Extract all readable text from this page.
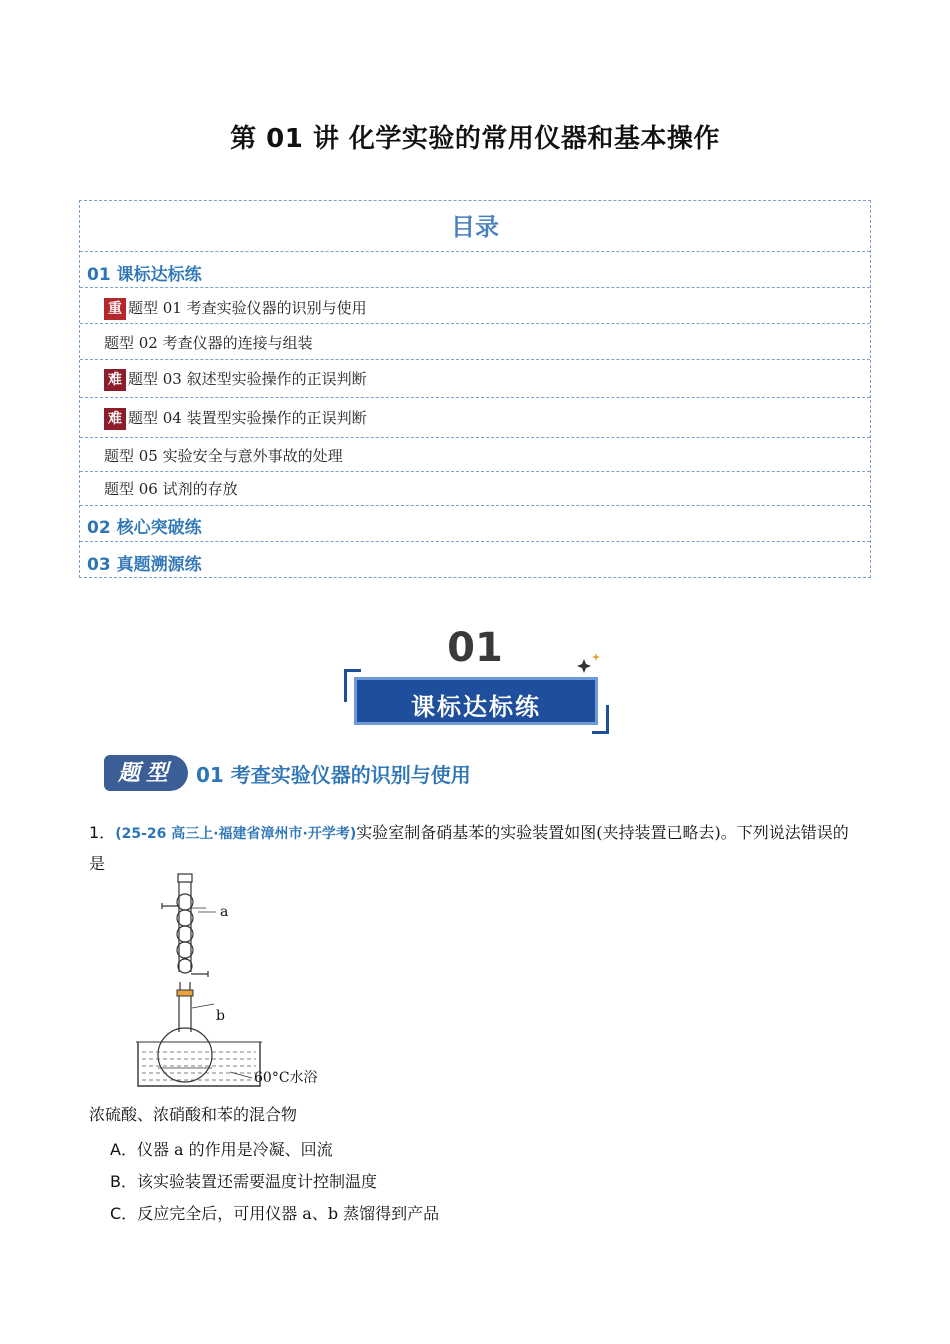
第 01 讲 化学实验的常用仪器和基本操作
目录
01 课标达标练
重 题型 01 考查实验仪器的识别与使用
题型 02 考查仪器的连接与组装
难 题型 03 叙述型实验操作的正误判断
难 题型 04 装置型实验操作的正误判断
题型 05 实验安全与意外事故的处理
题型 06 试剂的存放
02 核心突破练
03 真题溯源练
01
课标达标练
题型	01 考查实验仪器的识别与使用
1．(25-26 高三上·福建省漳州市·开学考)实验室制备硝基苯的实验装置如图(夹持装置已略去)。下列说法错误的是
a
b
60°C水浴
浓硫酸、浓硝酸和苯的混合物
A．仪器 a 的作用是冷凝、回流
B．该实验装置还需要温度计控制温度
C．反应完全后，可用仪器 a、b 蒸馏得到产品
